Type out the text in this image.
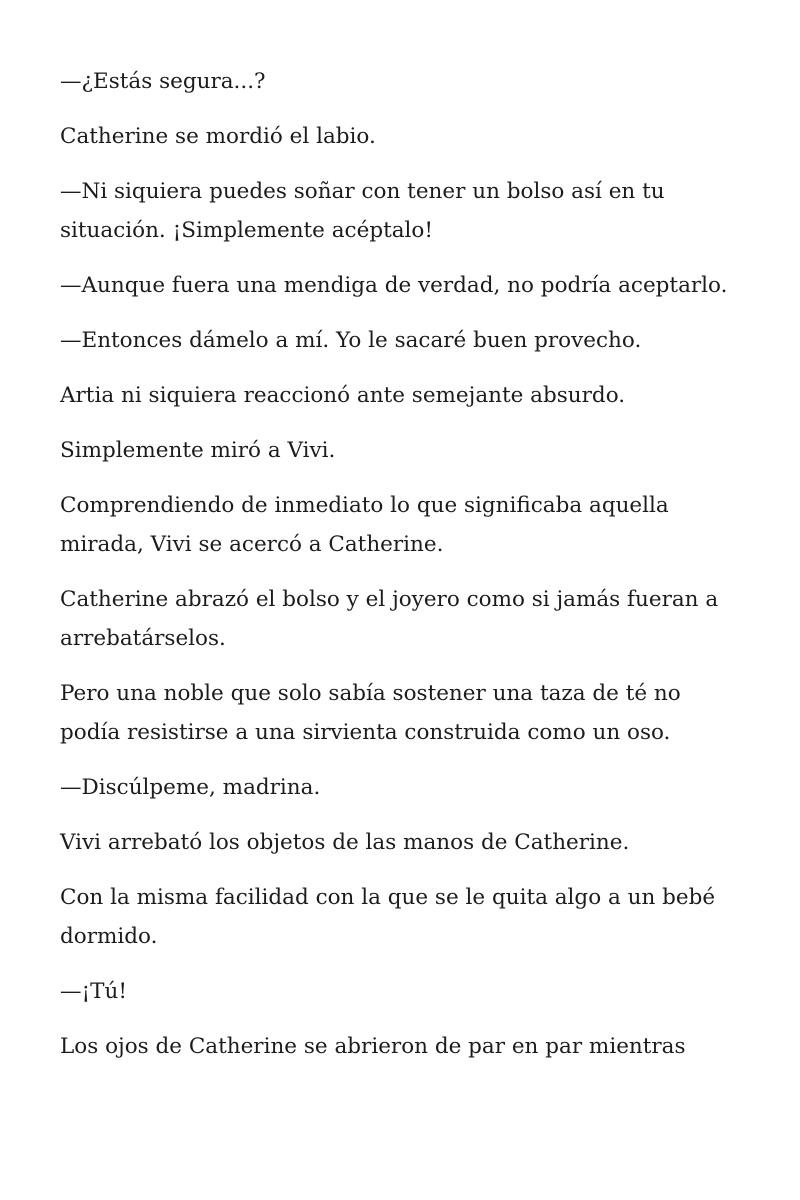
—¿Estás segura...?

Catherine se mordió el labio.

—Ni siquiera puedes soñar con tener un bolso así en tu situación. ¡Simplemente acéptalo!

—Aunque fuera una mendiga de verdad, no podría aceptarlo.

—Entonces dámelo a mí. Yo le sacaré buen provecho.

Artia ni siquiera reaccionó ante semejante absurdo.

Simplemente miró a Vivi.

Comprendiendo de inmediato lo que significaba aquella mirada, Vivi se acercó a Catherine.

Catherine abrazó el bolso y el joyero como si jamás fueran a arrebatárselos.

Pero una noble que solo sabía sostener una taza de té no podía resistirse a una sirvienta construida como un oso.

—Discúlpeme, madrina.

Vivi arrebató los objetos de las manos de Catherine.

Con la misma facilidad con la que se le quita algo a un bebé dormido.

—¡Tú!

Los ojos de Catherine se abrieron de par en par mientras
